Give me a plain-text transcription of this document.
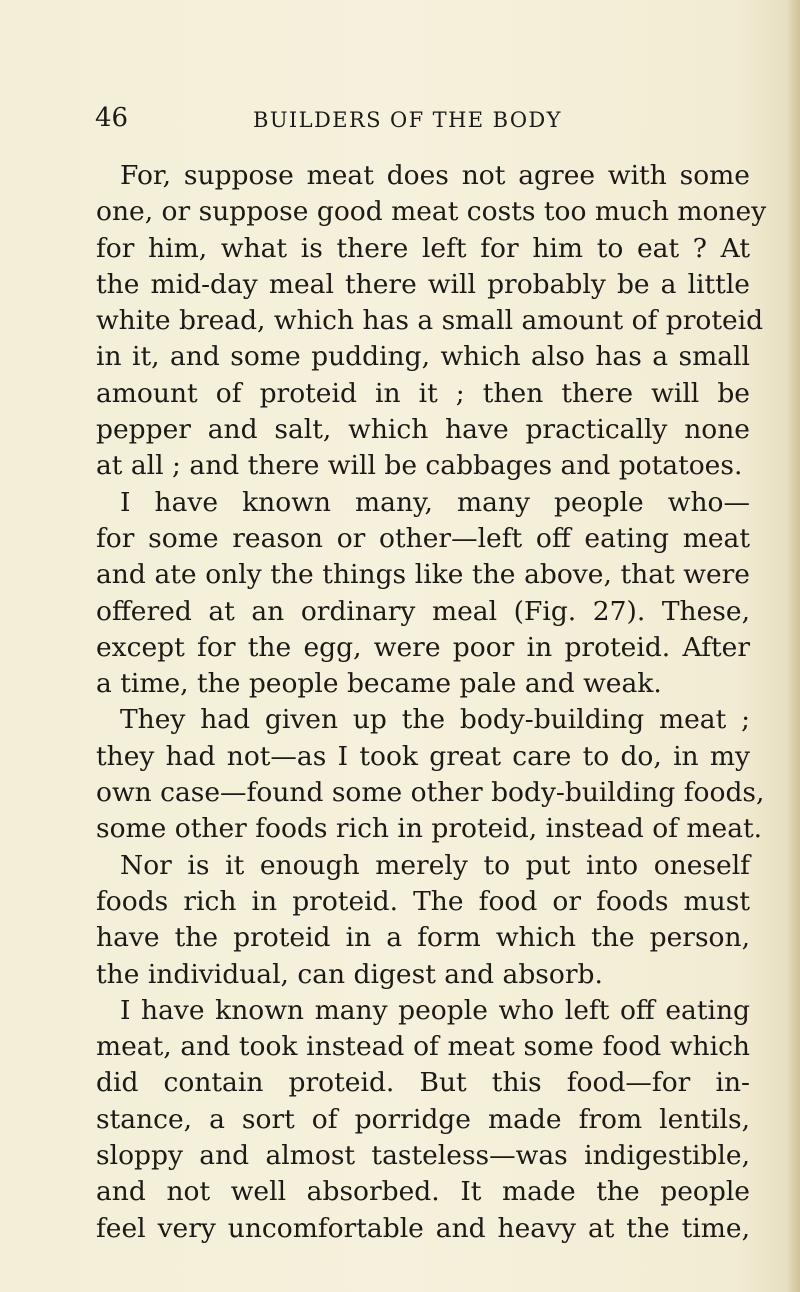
46	BUILDERS OF THE BODY
For, suppose meat does not agree with some
one, or suppose good meat costs too much money
for him, what is there left for him to eat ? At
the mid-day meal there will probably be a little
white bread, which has a small amount of proteid
in it, and some pudding, which also has a small
amount of proteid in it ; then there will be
pepper and salt, which have practically none
at all ; and there will be cabbages and potatoes.
I have known many, many people who—
for some reason or other—left off eating meat
and ate only the things like the above, that were
offered at an ordinary meal (Fig. 27). These,
except for the egg, were poor in proteid. After
a time, the people became pale and weak.
They had given up the body-building meat ;
they had not—as I took great care to do, in my
own case—found some other body-building foods,
some other foods rich in proteid, instead of meat.
Nor is it enough merely to put into oneself
foods rich in proteid. The food or foods must
have the proteid in a form which the person,
the individual, can digest and absorb.
I have known many people who left off eating
meat, and took instead of meat some food which
did contain proteid. But this food—for in-
stance, a sort of porridge made from lentils,
sloppy and almost tasteless—was indigestible,
and not well absorbed. It made the people
feel very uncomfortable and heavy at the time,
